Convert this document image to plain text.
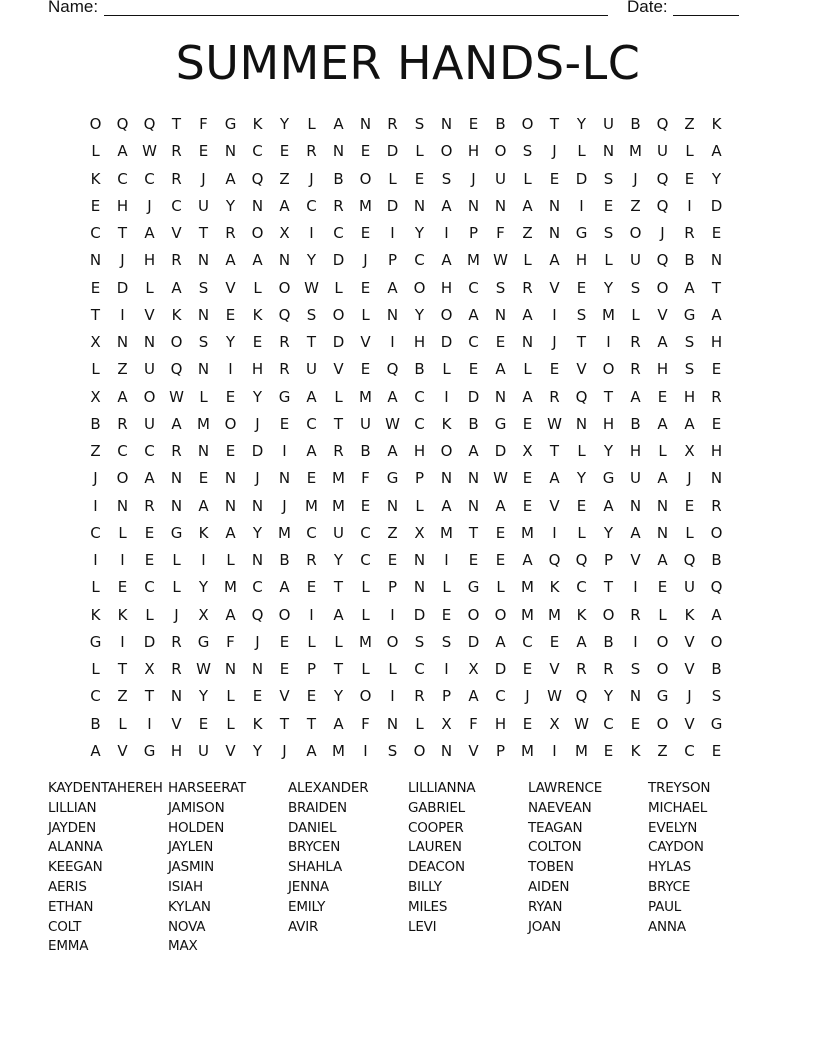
Name:	Date:
SUMMER HANDS-LC
O	Q	Q	T	F	G	K	Y	L	A	N	R	S	N	E	B	O	T	Y	U	B	Q	Z	K
L	A W R	E	N	C	E	R	N	E	D	L	O	H	O	S	J	L	N M	U	L	A
K	C	C	R	J	A	Q	Z	J	B	O	L	E	S	J	U	L	E	D	S	J	Q	E	Y
E	H	J	C	U	Y	N	A	C	R	M D	N	A	N	N	A	N	I	E	Z	Q	I	D
C	T	A	V	T	R	O	X	I	C	E	I	Y	I	P	F	Z	N	G	S	O	J	R	E
N	J	H	R	N	A	A	N	Y	D	J	P	C	A	M W	L	A	H	L	U	Q	B	N
E	D	L	A	S	V	L	O W	L	E	A	O	H	C	S	R	V	E	Y	S	O	A	T
T	I	V	K	N	E	K	Q	S	O	L	N	Y	O	A	N	A	I	S	M	L	V	G	A
X	N	N	O	S	Y	E	R	T	D	V	I	H	D	C	E	N	J	T	I	R	A	S	H
L	Z	U	Q	N	I	H	R	U	V	E	Q	B	L	E	A	L	E	V	O	R	H	S	E
X	A	O W	L	E	Y	G	A	L	M	A	C	I	D	N	A	R	Q	T	A	E	H	R
B	R	U	A	M O	J	E	C	T	U W C	K	B	G	E W N	H	B	A	A	E
Z	C	C	R	N	E	D	I	A	R	B	A	H	O	A	D	X	T	L	Y	H	L	X	H
J	O	A	N	E	N	J	N	E	M	F	G	P	N	N W E	A	Y	G	U	A	J	N
I	N	R	N	A	N	N	J	M M	E	N	L	A	N	A	E	V	E	A	N	N	E	R
C	L	E	G	K	A	Y	M	C	U	C	Z	X	M	T	E	M	I	L	Y	A	N	L	O
I	I	E	L	I	L	N	B	R	Y	C	E	N	I	E	E	A	Q	Q	P	V	A	Q	B
L	E	C	L	Y	M	C	A	E	T	L	P	N	L	G	L	M	K	C	T	I	E	U	Q
K	K	L	J	X	A	Q	O	I	A	L	I	D	E	O	O M M	K	O	R	L	K	A
G	I	D	R	G	F	J	E	L	L	M O	S	S	D	A	C	E	A	B	I	O	V	O
L	T	X	R W N	N	E	P	T	L	L	C	I	X	D	E	V	R	R	S	O	V	B
C	Z	T	N	Y	L	E	V	E	Y	O	I	R	P	A	C	J	W Q	Y	N	G	J	S
B	L	I	V	E	L	K	T	T	A	F	N	L	X	F	H	E	X W C	E	O	V	G
A	V	G	H	U	V	Y	J	A	M	I	S	O	N	V	P	M	I	M	E	K	Z	C	E
KAYDENTAHEREH HARSEERAT	ALEXANDER	LILLIANNA	LAWRENCE	TREYSON
LILLIAN	JAMISON	BRAIDEN	GABRIEL	NAEVEAN	MICHAEL
JAYDEN	HOLDEN	DANIEL	COOPER	TEAGAN	EVELYN
ALANNA	JAYLEN	BRYCEN	LAUREN	COLTON	CAYDON
KEEGAN	JASMIN	SHAHLA	DEACON	TOBEN	HYLAS
AERIS	ISIAH	JENNA	BILLY	AIDEN	BRYCE
ETHAN	KYLAN	EMILY	MILES	RYAN	PAUL
COLT	NOVA	AVIR	LEVI	JOAN	ANNA
EMMA	MAX
